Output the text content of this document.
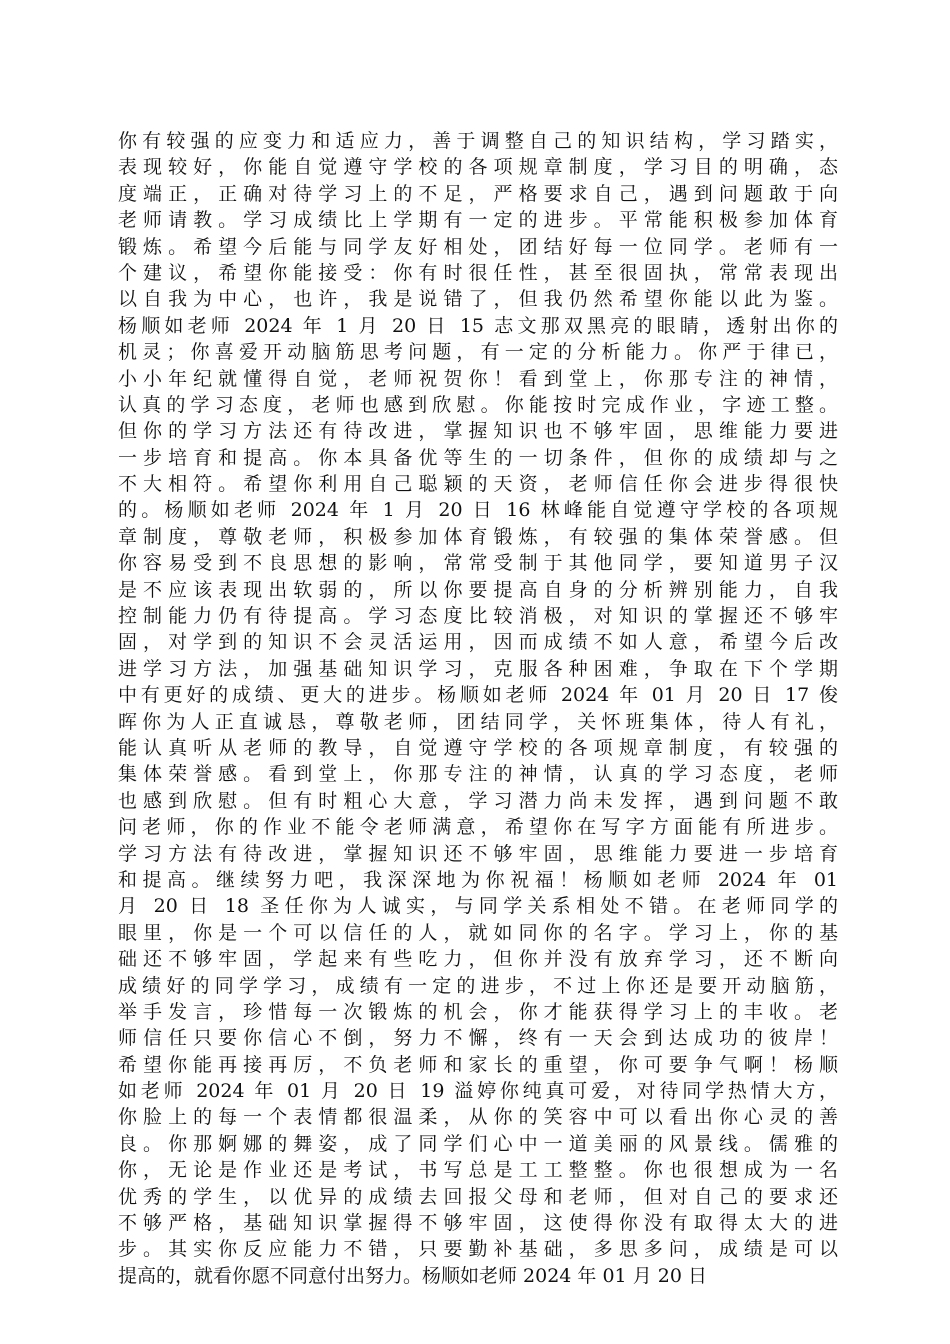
你有较强的应变力和适应力，善于调整自己的知识结构，学习踏实，
表现较好，你能自觉遵守学校的各项规章制度，学习目的明确，态
度端正，正确对待学习上的不足，严格要求自己，遇到问题敢于向
老师请教。学习成绩比上学期有一定的进步。平常能积极参加体育
锻炼。希望今后能与同学友好相处，团结好每一位同学。老师有一
个建议，希望你能接受：你有时很任性，甚至很固执，常常表现出
以自我为中心，也许，我是说错了，但我仍然希望你能以此为鉴。
杨顺如老师 2024 年 1 月 20 日 15 志文那双黑亮的眼睛，透射出你的
机灵；你喜爱开动脑筋思考问题，有一定的分析能力。你严于律已，
小小年纪就懂得自觉，老师祝贺你！看到堂上，你那专注的神情，
认真的学习态度，老师也感到欣慰。你能按时完成作业，字迹工整。
但你的学习方法还有待改进，掌握知识也不够牢固，思维能力要进
一步培育和提高。你本具备优等生的一切条件，但你的成绩却与之
不大相符。希望你利用自己聪颖的天资，老师信任你会进步得很快
的。杨顺如老师 2024 年 1 月 20 日 16 林峰能自觉遵守学校的各项规
章制度，尊敬老师，积极参加体育锻炼，有较强的集体荣誉感。但
你容易受到不良思想的影响，常常受制于其他同学，要知道男子汉
是不应该表现出软弱的，所以你要提高自身的分析辨别能力，自我
控制能力仍有待提高。学习态度比较消极，对知识的掌握还不够牢
固，对学到的知识不会灵活运用，因而成绩不如人意，希望今后改
进学习方法，加强基础知识学习，克服各种困难，争取在下个学期
中有更好的成绩、更大的进步。杨顺如老师 2024 年 01 月 20 日 17 俊
晖你为人正直诚恳，尊敬老师，团结同学，关怀班集体，待人有礼，
能认真听从老师的教导，自觉遵守学校的各项规章制度，有较强的
集体荣誉感。看到堂上，你那专注的神情，认真的学习态度，老师
也感到欣慰。但有时粗心大意，学习潜力尚未发挥，遇到问题不敢
问老师，你的作业不能令老师满意，希望你在写字方面能有所进步。
学习方法有待改进，掌握知识还不够牢固，思维能力要进一步培育
和提高。继续努力吧，我深深地为你祝福！杨顺如老师 2024 年 01
月 20 日 18 圣任你为人诚实，与同学关系相处不错。在老师同学的
眼里，你是一个可以信任的人，就如同你的名字。学习上，你的基
础还不够牢固，学起来有些吃力，但你并没有放弃学习，还不断向
成绩好的同学学习，成绩有一定的进步，不过上你还是要开动脑筋，
举手发言，珍惜每一次锻炼的机会，你才能获得学习上的丰收。老
师信任只要你信心不倒，努力不懈，终有一天会到达成功的彼岸！
希望你能再接再厉，不负老师和家长的重望，你可要争气啊！杨顺
如老师 2024 年 01 月 20 日 19 溢婷你纯真可爱，对待同学热情大方，
你脸上的每一个表情都很温柔，从你的笑容中可以看出你心灵的善
良。你那婀娜的舞姿，成了同学们心中一道美丽的风景线。儒雅的
你，无论是作业还是考试，书写总是工工整整。你也很想成为一名
优秀的学生，以优异的成绩去回报父母和老师，但对自己的要求还
不够严格，基础知识掌握得不够牢固，这使得你没有取得太大的进
步。其实你反应能力不错，只要勤补基础，多思多问，成绩是可以
提高的，就看你愿不同意付出努力。杨顺如老师 2024 年 01 月 20 日
